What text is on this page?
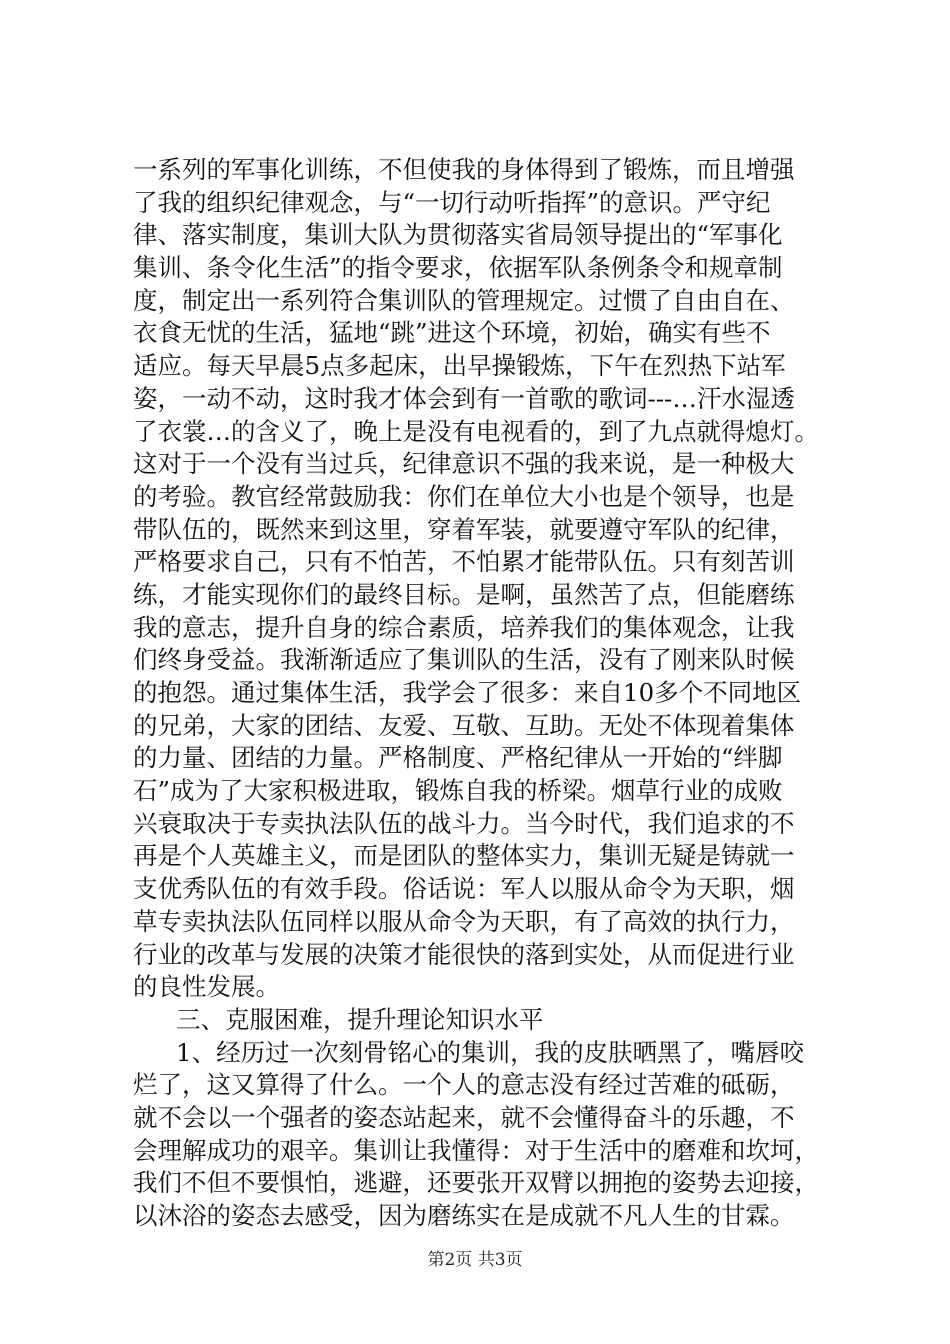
一系列的军事化训练，不但使我的身体得到了锻炼，而且增强
了我的组织纪律观念，与“一切行动听指挥”的意识。严守纪
律、落实制度，集训大队为贯彻落实省局领导提出的“军事化
集训、条令化生活”的指令要求，依据军队条例条令和规章制
度，制定出一系列符合集训队的管理规定。过惯了自由自在、
衣食无忧的生活，猛地“跳”进这个环境，初始，确实有些不
适应。每天早晨5点多起床，出早操锻炼，下午在烈热下站军
姿，一动不动，这时我才体会到有一首歌的歌词---…汗水湿透
了衣裳…的含义了，晚上是没有电视看的，到了九点就得熄灯。
这对于一个没有当过兵，纪律意识不强的我来说，是一种极大
的考验。教官经常鼓励我：你们在单位大小也是个领导，也是
带队伍的，既然来到这里，穿着军装，就要遵守军队的纪律，
严格要求自己，只有不怕苦，不怕累才能带队伍。只有刻苦训
练，才能实现你们的最终目标。是啊，虽然苦了点，但能磨练
我的意志，提升自身的综合素质，培养我们的集体观念，让我
们终身受益。我渐渐适应了集训队的生活，没有了刚来队时候
的抱怨。通过集体生活，我学会了很多：来自10多个不同地区
的兄弟，大家的团结、友爱、互敬、互助。无处不体现着集体
的力量、团结的力量。严格制度、严格纪律从一开始的“绊脚
石”成为了大家积极进取，锻炼自我的桥梁。烟草行业的成败
兴衰取决于专卖执法队伍的战斗力。当今时代，我们追求的不
再是个人英雄主义，而是团队的整体实力，集训无疑是铸就一
支优秀队伍的有效手段。俗话说：军人以服从命令为天职，烟
草专卖执法队伍同样以服从命令为天职，有了高效的执行力，
行业的改革与发展的决策才能很快的落到实处，从而促进行业
的良性发展。
三、克服困难，提升理论知识水平
1、经历过一次刻骨铭心的集训，我的皮肤晒黑了，嘴唇咬
烂了，这又算得了什么。一个人的意志没有经过苦难的砥砺，
就不会以一个强者的姿态站起来，就不会懂得奋斗的乐趣，不
会理解成功的艰辛。集训让我懂得：对于生活中的磨难和坎坷，
我们不但不要惧怕，逃避，还要张开双臂以拥抱的姿势去迎接，
以沐浴的姿态去感受，因为磨练实在是成就不凡人生的甘霖。
第2页 共3页
